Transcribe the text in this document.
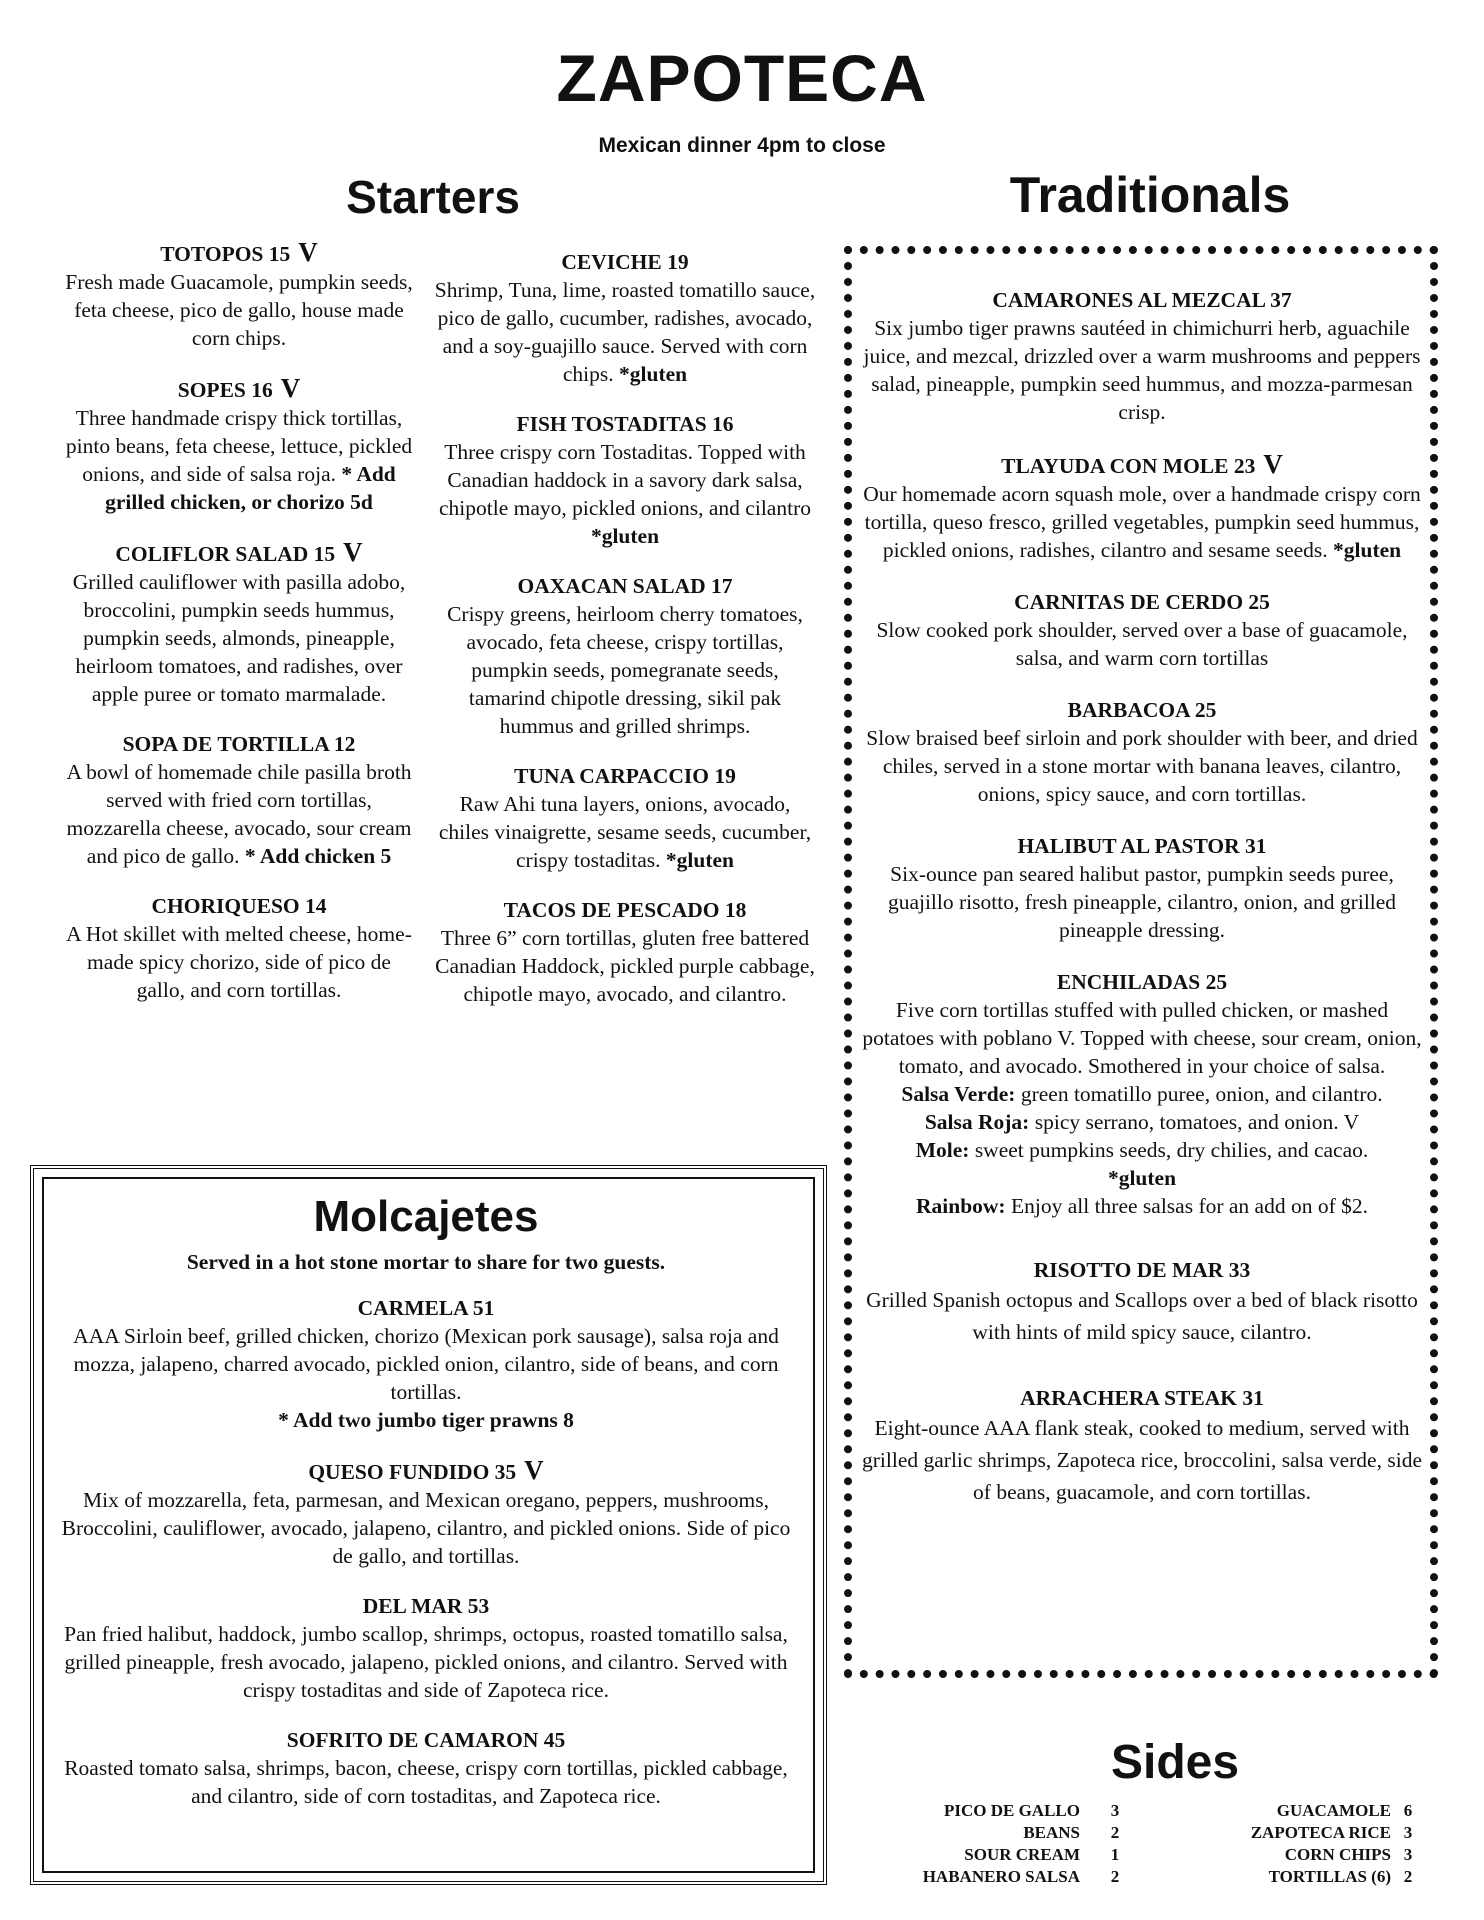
ZAPOTECA
Mexican dinner 4pm to close
Starters	Traditionals
TOTOPOS 15 V
Fresh made Guacamole, pumpkin seeds, feta cheese, pico de gallo, house made corn chips.
SOPES 16 V
Three handmade crispy thick tortillas, pinto beans, feta cheese, lettuce, pickled onions, and side of salsa roja. * Add grilled chicken, or chorizo 5d
COLIFLOR SALAD 15 V
Grilled cauliflower with pasilla adobo, broccolini, pumpkin seeds hummus, pumpkin seeds, almonds, pineapple, heirloom tomatoes, and radishes, over apple puree or tomato marmalade.
SOPA DE TORTILLA 12
A bowl of homemade chile pasilla broth served with fried corn tortillas, mozzarella cheese, avocado, sour cream and pico de gallo. * Add chicken 5
CHORIQUESO 14
A Hot skillet with melted cheese, home-made spicy chorizo, side of pico de gallo, and corn tortillas.
CEVICHE 19
Shrimp, Tuna, lime, roasted tomatillo sauce, pico de gallo, cucumber, radishes, avocado, and a soy-guajillo sauce. Served with corn chips. *gluten
FISH TOSTADITAS 16
Three crispy corn Tostaditas. Topped with Canadian haddock in a savory dark salsa, chipotle mayo, pickled onions, and cilantro *gluten
OAXACAN SALAD 17
Crispy greens, heirloom cherry tomatoes, avocado, feta cheese, crispy tortillas, pumpkin seeds, pomegranate seeds, tamarind chipotle dressing, sikil pak hummus and grilled shrimps.
TUNA CARPACCIO 19
Raw Ahi tuna layers, onions, avocado, chiles vinaigrette, sesame seeds, cucumber, crispy tostaditas. *gluten
TACOS DE PESCADO 18
Three 6” corn tortillas, gluten free battered Canadian Haddock, pickled purple cabbage, chipotle mayo, avocado, and cilantro.
CAMARONES AL MEZCAL 37
Six jumbo tiger prawns sautéed in chimichurri herb, aguachile juice, and mezcal, drizzled over a warm mushrooms and peppers salad, pineapple, pumpkin seed hummus, and mozza-parmesan crisp.
TLAYUDA CON MOLE 23 V
Our homemade acorn squash mole, over a handmade crispy corn tortilla, queso fresco, grilled vegetables, pumpkin seed hummus, pickled onions, radishes, cilantro and sesame seeds. *gluten
CARNITAS DE CERDO 25
Slow cooked pork shoulder, served over a base of guacamole, salsa, and warm corn tortillas
BARBACOA 25
Slow braised beef sirloin and pork shoulder with beer, and dried chiles, served in a stone mortar with banana leaves, cilantro, onions, spicy sauce, and corn tortillas.
HALIBUT AL PASTOR 31
Six-ounce pan seared halibut pastor, pumpkin seeds puree, guajillo risotto, fresh pineapple, cilantro, onion, and grilled pineapple dressing.
ENCHILADAS 25
Five corn tortillas stuffed with pulled chicken, or mashed potatoes with poblano V. Topped with cheese, sour cream, onion, tomato, and avocado. Smothered in your choice of salsa.
Salsa Verde: green tomatillo puree, onion, and cilantro.
Salsa Roja: spicy serrano, tomatoes, and onion. V
Mole: sweet pumpkins seeds, dry chilies, and cacao.
*gluten
Rainbow: Enjoy all three salsas for an add on of $2.
RISOTTO DE MAR 33
Grilled Spanish octopus and Scallops over a bed of black risotto with hints of mild spicy sauce, cilantro.
ARRACHERA STEAK 31
Eight-ounce AAA flank steak, cooked to medium, served with grilled garlic shrimps, Zapoteca rice, broccolini, salsa verde, side of beans, guacamole, and corn tortillas.
Molcajetes
Served in a hot stone mortar to share for two guests.
CARMELA 51
AAA Sirloin beef, grilled chicken, chorizo (Mexican pork sausage), salsa roja and mozza, jalapeno, charred avocado, pickled onion, cilantro, side of beans, and corn tortillas.
* Add two jumbo tiger prawns 8
QUESO FUNDIDO 35 V
Mix of mozzarella, feta, parmesan, and Mexican oregano, peppers, mushrooms, Broccolini, cauliflower, avocado, jalapeno, cilantro, and pickled onions. Side of pico de gallo, and tortillas.
DEL MAR 53
Pan fried halibut, haddock, jumbo scallop, shrimps, octopus, roasted tomatillo salsa, grilled pineapple, fresh avocado, jalapeno, pickled onions, and cilantro. Served with crispy tostaditas and side of Zapoteca rice.
SOFRITO DE CAMARON 45
Roasted tomato salsa, shrimps, bacon, cheese, crispy corn tortillas, pickled cabbage, and cilantro, side of corn tostaditas, and Zapoteca rice.
Sides
PICO DE GALLO	3
BEANS	2
SOUR CREAM	1
HABANERO SALSA	2
GUACAMOLE 6
ZAPOTECA RICE 3
CORN CHIPS 3
TORTILLAS (6) 2
